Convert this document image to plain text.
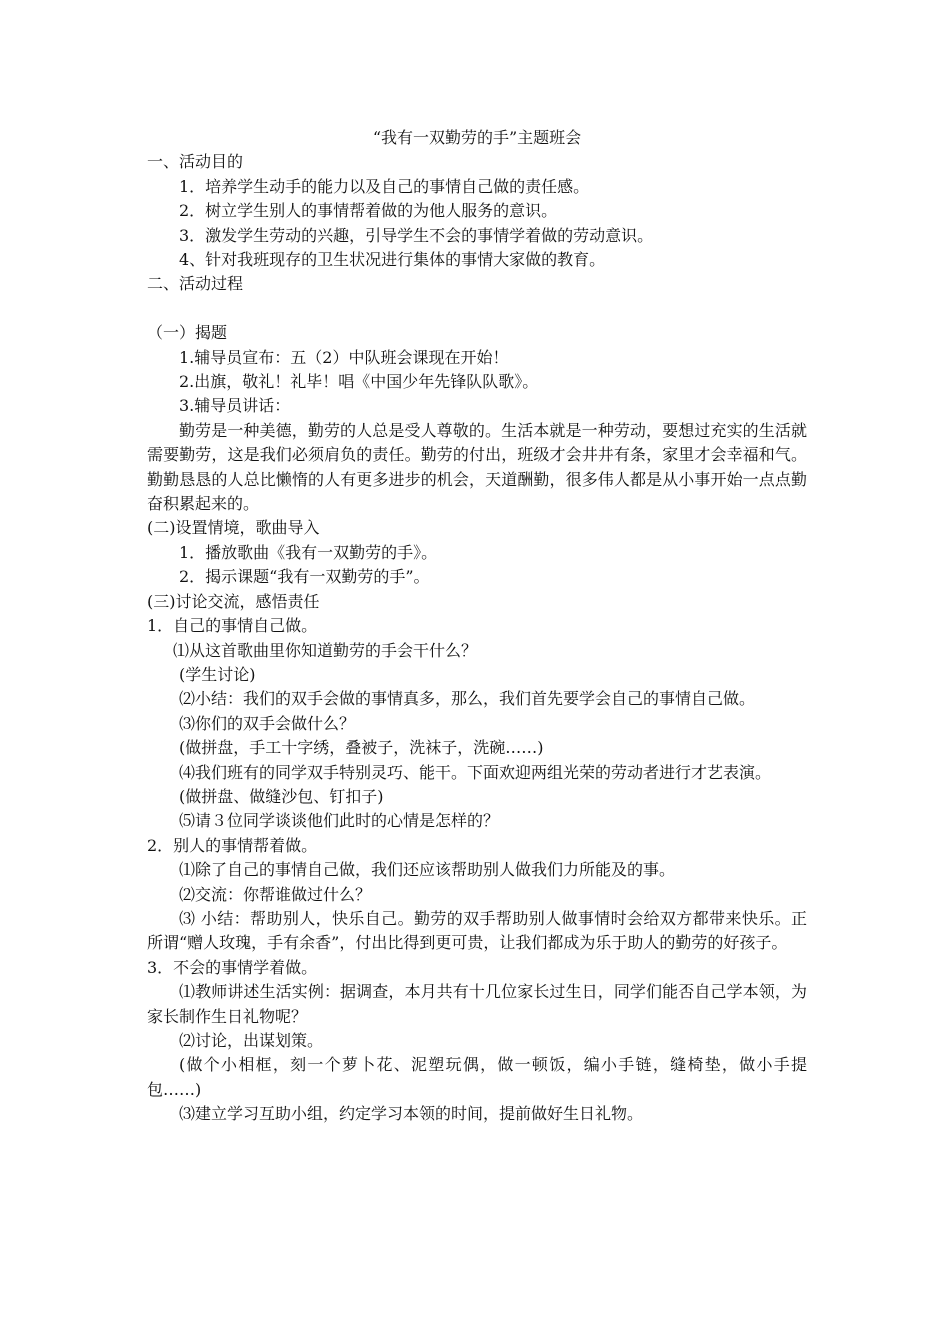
“我有一双勤劳的手”主题班会

一、活动目的

1．培养学生动手的能力以及自己的事情自己做的责任感。

2．树立学生别人的事情帮着做的为他人服务的意识。

3．激发学生劳动的兴趣，引导学生不会的事情学着做的劳动意识。

4、针对我班现存的卫生状况进行集体的事情大家做的教育。

二、活动过程

（一）揭题

1.辅导员宣布：五（2）中队班会课现在开始！

2.出旗，敬礼！礼毕！唱《中国少年先锋队队歌》。

3.辅导员讲话：

勤劳是一种美德，勤劳的人总是受人尊敬的。生活本就是一种劳动，要想过充实的生活就需要勤劳，这是我们必须肩负的责任。勤劳的付出，班级才会井井有条，家里才会幸福和气。勤勤恳恳的人总比懒惰的人有更多进步的机会，天道酬勤，很多伟人都是从小事开始一点点勤奋积累起来的。

(二)设置情境，歌曲导入

1．播放歌曲《我有一双勤劳的手》。

2．揭示课题“我有一双勤劳的手”。

(三)讨论交流，感悟责任

1．自己的事情自己做。

⑴从这首歌曲里你知道勤劳的手会干什么？

(学生讨论)

⑵小结：我们的双手会做的事情真多，那么，我们首先要学会自己的事情自己做。

⑶你们的双手会做什么？

(做拼盘，手工十字绣，叠被子，洗袜子，洗碗……)

⑷我们班有的同学双手特别灵巧、能干。下面欢迎两组光荣的劳动者进行才艺表演。

(做拼盘、做缝沙包、钉扣子)

⑸请３位同学谈谈他们此时的心情是怎样的？

2．别人的事情帮着做。

⑴除了自己的事情自己做，我们还应该帮助别人做我们力所能及的事。

⑵交流：你帮谁做过什么？

⑶ 小结：帮助别人，快乐自己。勤劳的双手帮助别人做事情时会给双方都带来快乐。正所谓“赠人玫瑰，手有余香”，付出比得到更可贵，让我们都成为乐于助人的勤劳的好孩子。

3．不会的事情学着做。

⑴教师讲述生活实例：据调查，本月共有十几位家长过生日，同学们能否自己学本领，为家长制作生日礼物呢？

⑵讨论，出谋划策。

(做个小相框，刻一个萝卜花、泥塑玩偶，做一顿饭，编小手链，缝椅垫，做小手提包……)

⑶建立学习互助小组，约定学习本领的时间，提前做好生日礼物。
